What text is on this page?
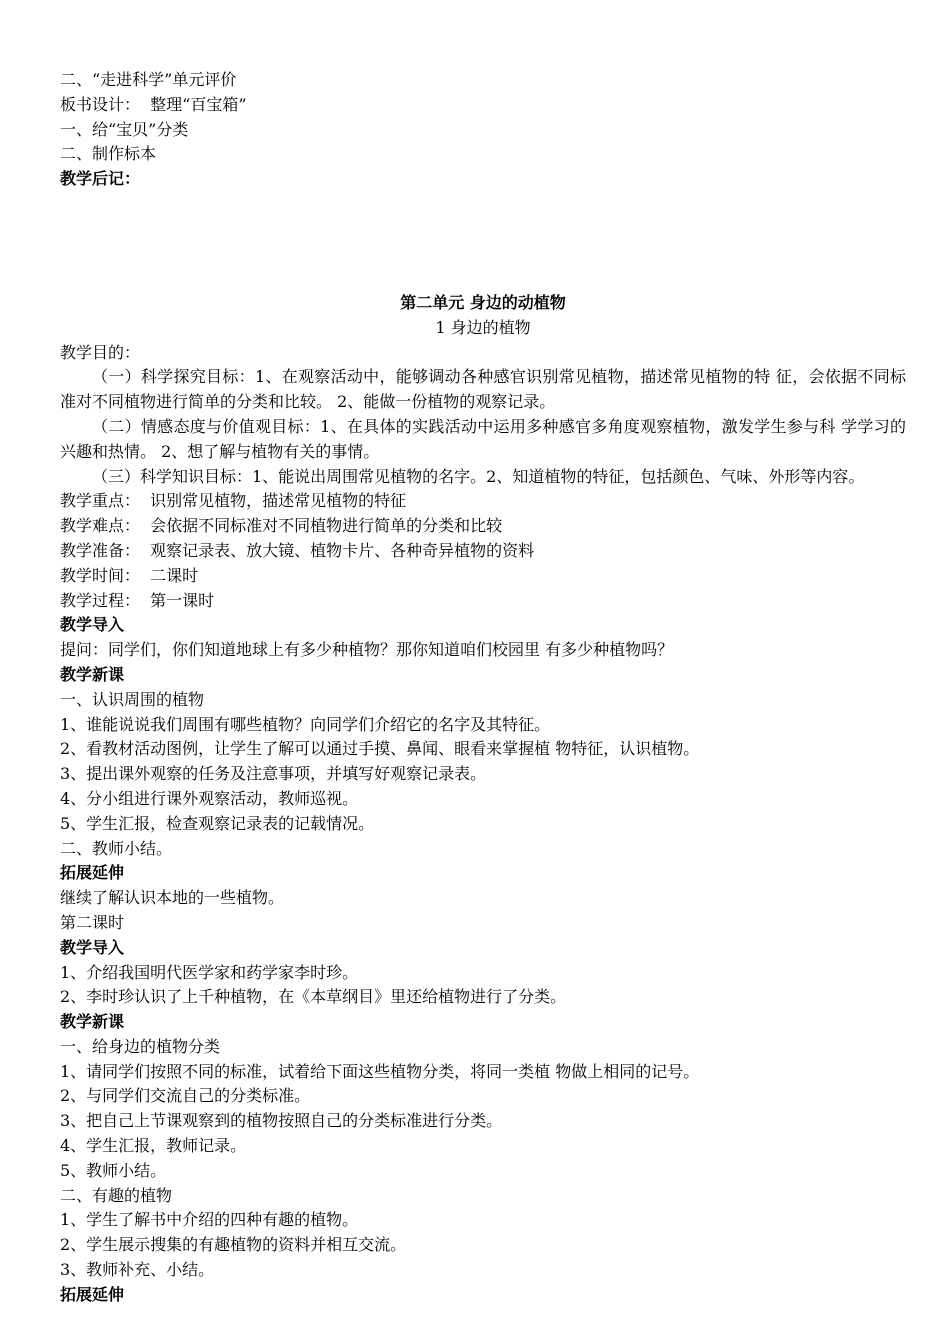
二、“走进科学”单元评价
板书设计：  整理“百宝箱”
一、给“宝贝”分类
二、制作标本
教学后记：
第二单元 身边的动植物
1 身边的植物
教学目的：
（一）科学探究目标：1、在观察活动中，能够调动各种感官识别常见植物，描述常见植物的特 征，会依据不同标准对不同植物进行简单的分类和比较。 2、能做一份植物的观察记录。
（二）情感态度与价值观目标：1、在具体的实践活动中运用多种感官多角度观察植物，激发学生参与科 学学习的兴趣和热情。 2、想了解与植物有关的事情。
（三）科学知识目标：1、能说出周围常见植物的名字。2、知道植物的特征，包括颜色、气味、外形等内容。
教学重点：  识别常见植物，描述常见植物的特征
教学难点：  会依据不同标准对不同植物进行简单的分类和比较
教学准备：  观察记录表、放大镜、植物卡片、各种奇异植物的资料
教学时间：  二课时
教学过程：  第一课时
教学导入
提问：同学们，你们知道地球上有多少种植物？那你知道咱们校园里 有多少种植物吗？
教学新课
一、认识周围的植物
1、谁能说说我们周围有哪些植物？向同学们介绍它的名字及其特征。
2、看教材活动图例，让学生了解可以通过手摸、鼻闻、眼看来掌握植 物特征，认识植物。
3、提出课外观察的任务及注意事项，并填写好观察记录表。
4、分小组进行课外观察活动，教师巡视。
5、学生汇报，检查观察记录表的记载情况。
二、教师小结。
拓展延伸
继续了解认识本地的一些植物。
第二课时
教学导入
1、介绍我国明代医学家和药学家李时珍。
2、李时珍认识了上千种植物，在《本草纲目》里还给植物进行了分类。
教学新课
一、给身边的植物分类
1、请同学们按照不同的标准，试着给下面这些植物分类，将同一类植 物做上相同的记号。
2、与同学们交流自己的分类标准。
3、把自己上节课观察到的植物按照自己的分类标准进行分类。
4、学生汇报，教师记录。
5、教师小结。
二、有趣的植物
1、学生了解书中介绍的四种有趣的植物。
2、学生展示搜集的有趣植物的资料并相互交流。
3、教师补充、小结。
拓展延伸
